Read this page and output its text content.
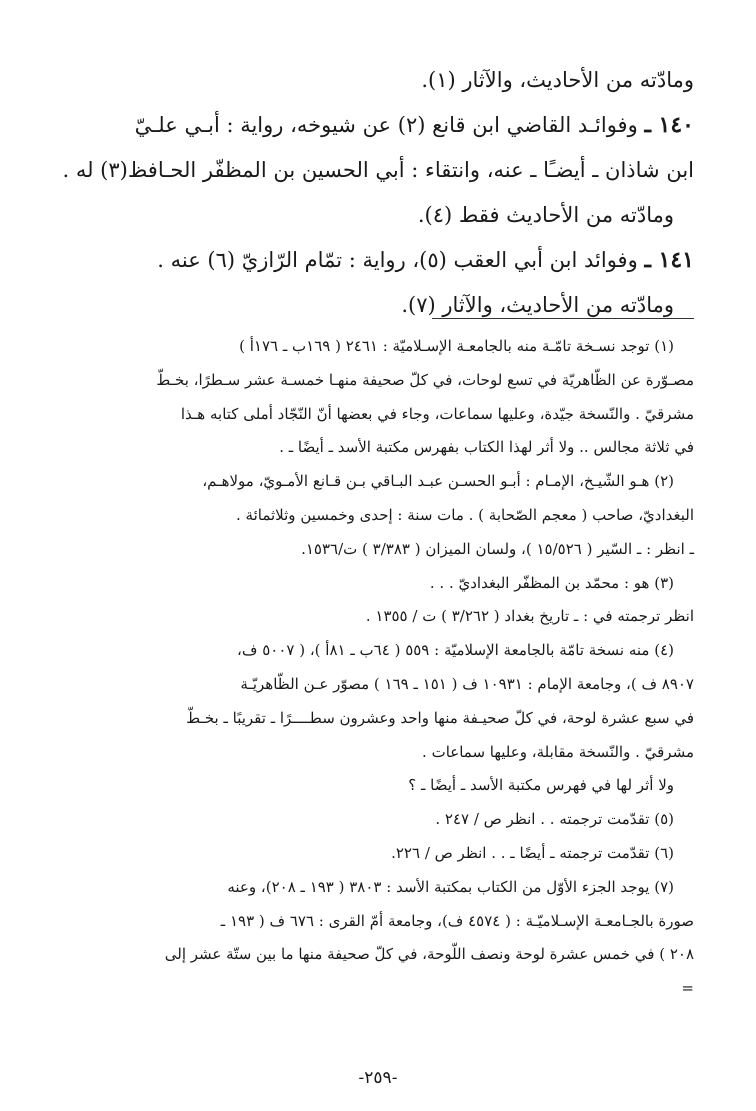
ومادّته من الأحاديث، والآثار (١).

١٤٠ ـ وفوائـد القاضي ابن قانع (٢) عن شيوخه، رواية : أبـي علـيّ

ابن شاذان ـ أيضـًا ـ عنه، وانتقاء : أبي الحسين بن المظفّر الحـافظ(٣) له .

ومادّته من الأحاديث فقط (٤).

١٤١ ـ وفوائد ابن أبي العقب (٥)، رواية : تمّام الرّازيّ (٦) عنه .

ومادّته من الأحاديث، والآثار (٧).

(١) توجد نسـخة تامّـة منه بالجامعـة الإسـلاميّة : ٢٤٦١ ( ١٦٩ب ـ ١٧٦أ )

مصـوّرة عن الظّاهريّة في تسع لوحات، في كلّ صحيفة منهـا خمسـة عشر سـطرًا، بخـطّ

مشرقيّ . والنّسخة جيّدة، وعليها سماعات، وجاء في بعضها أنّ النّجّاد أملى كتابه هـذا

في ثلاثة مجالس .. ولا أثر لهذا الكتاب بفهرس مكتبة الأسد ـ أيضًا ـ .

(٢) هـو الشّيـخ، الإمـام : أبـو الحسـن عبـد البـاقي بـن قـانع الأمـويّ، مولاهـم،

البغداديّ، صاحب ( معجم الصّحابة ) . مات سنة : إحدى وخمسين وثلاثمائة .

ـ انظر : ـ السّير ( ١٥/٥٢٦ )، ولسان الميزان ( ٣/٣٨٣ ) ت/١٥٣٦.

(٣) هو : محمّد بن المظفّر البغداديّ . . .

انظر ترجمته في : ـ تاريخ بغداد ( ٣/٢٦٢ ) ت / ١٣٥٥ .

(٤) منه نسخة تامّة بالجامعة الإسلاميّة : ٥٥٩ ( ٦٤ب ـ ٨١أ )، ( ٥٠٠٧ ف،

٨٩٠٧ ف )، وجامعة الإمام : ١٠٩٣١ ف ( ١٥١ ـ ١٦٩ ) مصوّر عـن الظّاهريّـة

في سبع عشرة لوحة، في كلّ صحيـفة منها واحد وعشرون سطــــرًا ـ تقريبًا ـ بخـطّ

مشرقيّ . والنّسخة مقابلة، وعليها سماعات .

ولا أثر لها في فهرس مكتبة الأسد ـ أيضًا ـ ؟

(٥) تقدّمت ترجمته . . انظر ص / ٢٤٧ .

(٦) تقدّمت ترجمته ـ أيضًا ـ . . انظر ص / ٢٢٦.

(٧) يوجد الجزء الأوّل من الكتاب بمكتبة الأسد : ٣٨٠٣ ( ١٩٣ ـ ٢٠٨)، وعنه

صورة بالجـامعـة الإسـلاميّـة : ( ٤٥٧٤ ف)، وجامعة أمّ القرى : ٦٧٦ ف ( ١٩٣ ـ

٢٠٨ ) في خمس عشرة لوحة ونصف اللّوحة، في كلّ صحيفة منها ما بين ستّة عشر إلى

=

-٢٥٩-
